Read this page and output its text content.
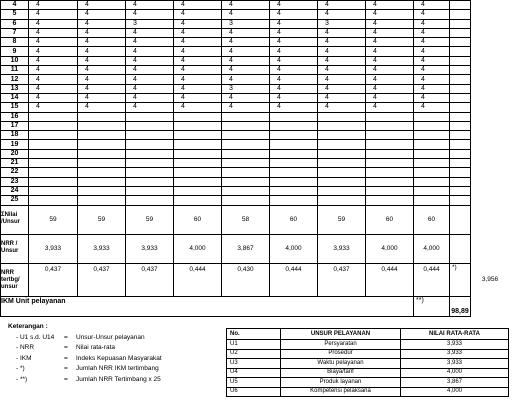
4	4	4	4	4	4	4	4	4	4	
5	4	4	4	4	4	4	4	4	4	
6	4	4	3	4	3	4	3	4	4	
7	4	4	4	4	4	4	4	4	4	
8	4	4	4	4	4	4	4	4	4	
9	4	4	4	4	4	4	4	4	4	
10	4	4	4	4	4	4	4	4	4	
11	4	4	4	4	4	4	4	4	4	
12	4	4	4	4	4	4	4	4	4	
13	4	4	4	4	3	4	4	4	4	
14	4	4	4	4	4	4	4	4	4	
15	4	4	4	4	4	4	4	4	4	
16										
17										
18										
19										
20										
21										
22										
23										
24										
25										
ΣNilai /Unsur	59	59	59	60	58	60	59	60	60	
NRR / Unsur	3,933	3,933	3,933	4,000	3,867	4,000	3,933	4,000	4,000	
NRR tertbg/ unsur	0,437	0,437	0,437	0,444	0,430	0,444	0,437	0,444	0,444	*)
IKM Unit pelayanan									**)	98,89
3,956
Keterangan :
- U1 s.d. U14	=	Unsur-Unsur pelayanan
- NRR	=	Nilai rata-rata
- IKM	=	Indeks Kepuasan Masyarakat
- *)	=	Jumlah NRR IKM tertimbang
- **)	=	Jumlah NRR Tertimbang x 25
No.	UNSUR PELAYANAN	NILAI RATA-RATA
U1	Persyaratan	3,933
U2	Prosedur	3,933
U3	Waktu pelayanan	3,933
U4	Biaya/tarif	4,000
U5	Produk layanan	3,867
U6	Kompetensi pelaksana	4,000
